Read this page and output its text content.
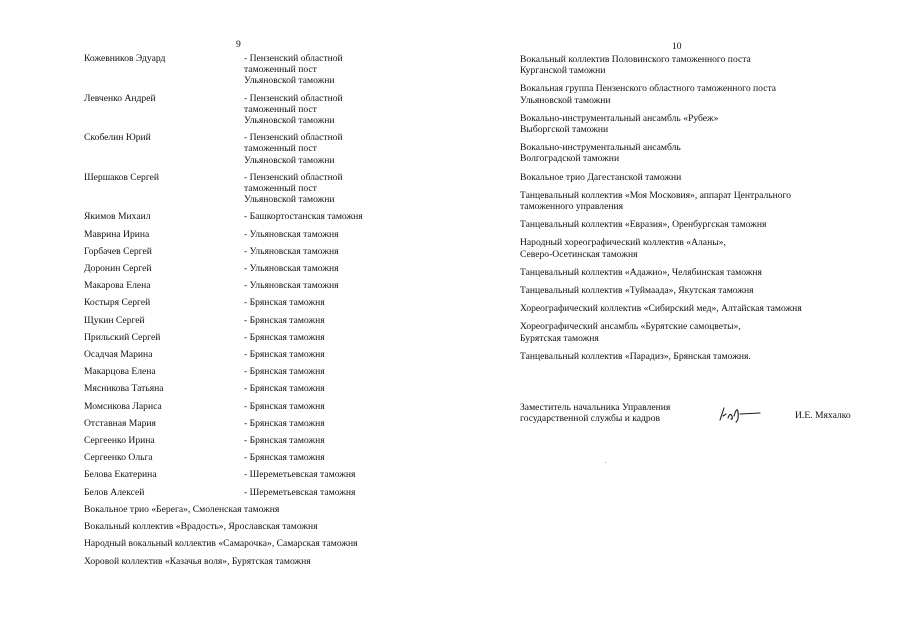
9
Кожевников Эдуард	- Пензенский областной
таможенный пост
Ульяновской таможни
Левченко Андрей	- Пензенский областной
таможенный пост
Ульяновской таможни
Скобелин Юрий	- Пензенский областной
таможенный пост
Ульяновской таможни
Шершаков Сергей	- Пензенский областной
таможенный пост
Ульяновской таможни
Якимов Михаил	- Башкортостанская таможня
Маврина Ирина	- Ульяновская таможня
Горбачев Сергей	- Ульяновская таможня
Доронин Сергей	- Ульяновская таможня
Макарова Елена	- Ульяновская таможня
Костыря Сергей	- Брянская таможня
Щукин Сергей	- Брянская таможня
Прильский Сергей	- Брянская таможня
Осадчая Марина	- Брянская таможня
Макарцова Елена	- Брянская таможня
Мясникова Татьяна	- Брянская таможня
Момсикова Лариса	- Брянская таможня
Отставная Мария	- Брянская таможня
Сергеенко Ирина	- Брянская таможня
Сергеенко Ольга	- Брянская таможня
Белова Екатерина	- Шереметьевская таможня
Белов Алексей	- Шереметьевская таможня
Вокальное трио «Берега», Смоленская таможня
Вокальный коллектив «Врадость», Ярославская таможня
Народный вокальный коллектив «Самарочка», Самарская таможня
Хоровой коллектив «Казачья воля», Бурятская таможня
10
Вокальный коллектив Половинского таможенного поста
Курганской таможни
Вокальная группа Пензенского областного таможенного поста
Ульяновской таможни
Вокально-инструментальный ансамбль «Рубеж»
Выборгской таможни
Вокально-инструментальный ансамбль
Волгоградской таможни
Вокальное трио Дагестанской таможни
Танцевальный коллектив «Моя Московия», аппарат Центрального
таможенного управления
Танцевальный коллектив «Евразия», Оренбургская таможня
Народный хореографический коллектив «Аланы»,
Северо-Осетинская таможня
Танцевальный коллектив «Адажио», Челябинская таможня
Танцевальный коллектив «Туймаада», Якутская таможня
Хореографический коллектив «Сибирский мед», Алтайская таможня
Хореографический ансамбль «Бурятские самоцветы»,
Бурятская таможня
Танцевальный коллектив «Парадиз», Брянская таможня.
Заместитель начальника Управления
государственной службы и кадров	И.Е. Мяхалко
